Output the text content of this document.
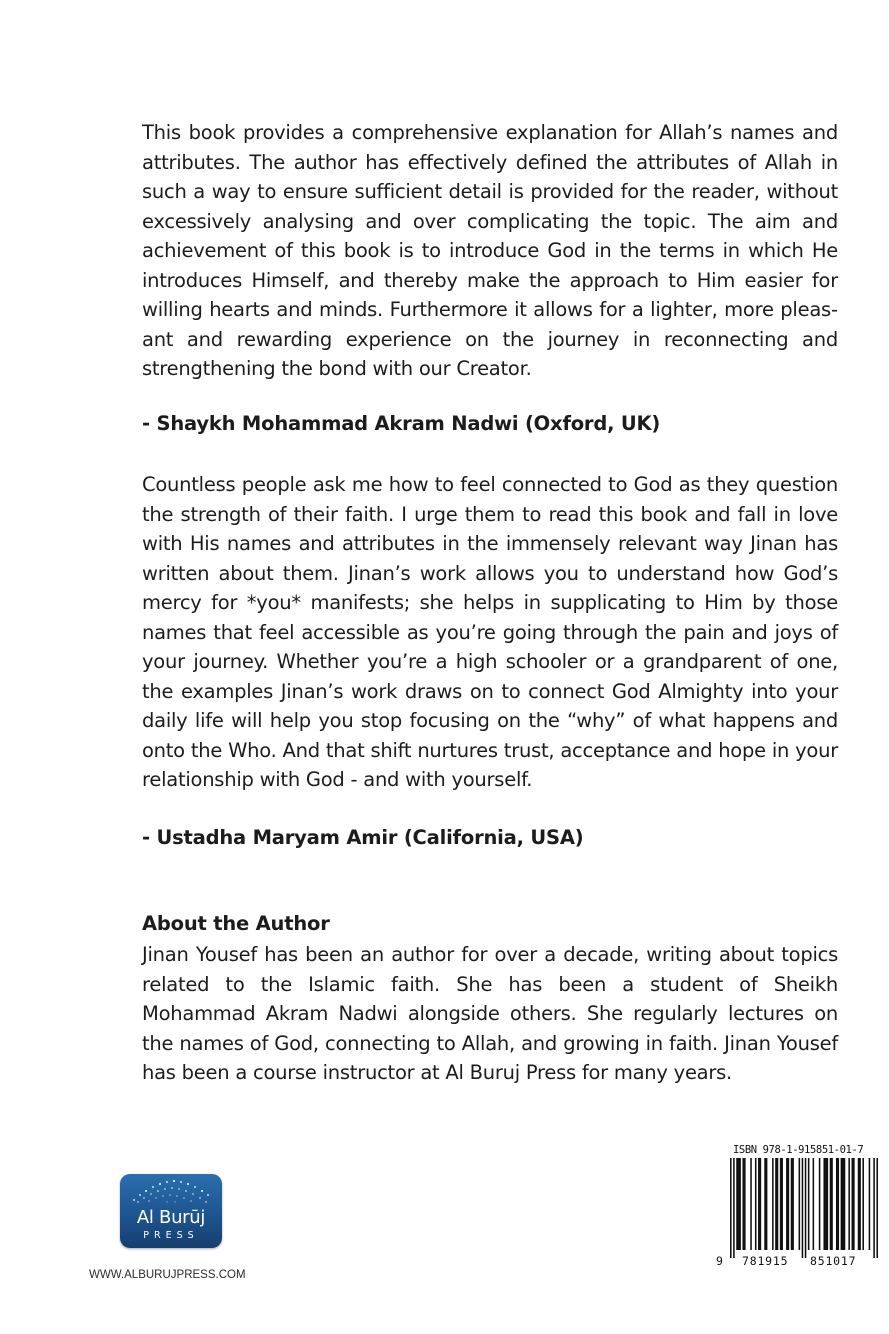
This book provides a comprehensive explanation for Allah’s names and attributes. The author has effectively defined the attributes of Allah in such a way to ensure sufficient detail is provided for the reader, without excessively analysing and over complicating the topic. The aim and achievement of this book is to introduce God in the terms in which He introduces Himself, and thereby make the approach to Him easier for willing hearts and minds. Furthermore it allows for a lighter, more pleasant and rewarding experience on the journey in reconnecting and strengthening the bond with our Creator.
- Shaykh Mohammad Akram Nadwi (Oxford, UK)
Countless people ask me how to feel connected to God as they question the strength of their faith. I urge them to read this book and fall in love with His names and attributes in the immensely relevant way Jinan has written about them. Jinan’s work allows you to understand how God’s mercy for *you* manifests; she helps in supplicating to Him by those names that feel accessible as you’re going through the pain and joys of your journey. Whether you’re a high schooler or a grandparent of one, the examples Jinan’s work draws on to connect God Almighty into your daily life will help you stop focusing on the “why” of what happens and onto the Who. And that shift nurtures trust, acceptance and hope in your relationship with God - and with yourself.
- Ustadha Maryam Amir (California, USA)
About the Author
Jinan Yousef has been an author for over a decade, writing about topics related to the Islamic faith. She has been a student of Sheikh Mohammad Akram Nadwi alongside others. She regularly lectures on the names of God, connecting to Allah, and growing in faith. Jinan Yousef has been a course instructor at Al Buruj Press for many years.
Al Burūj
PRESS
WWW.ALBURUJPRESS.COM
ISBN 978-1-915851-01-7
9 781915 851017
